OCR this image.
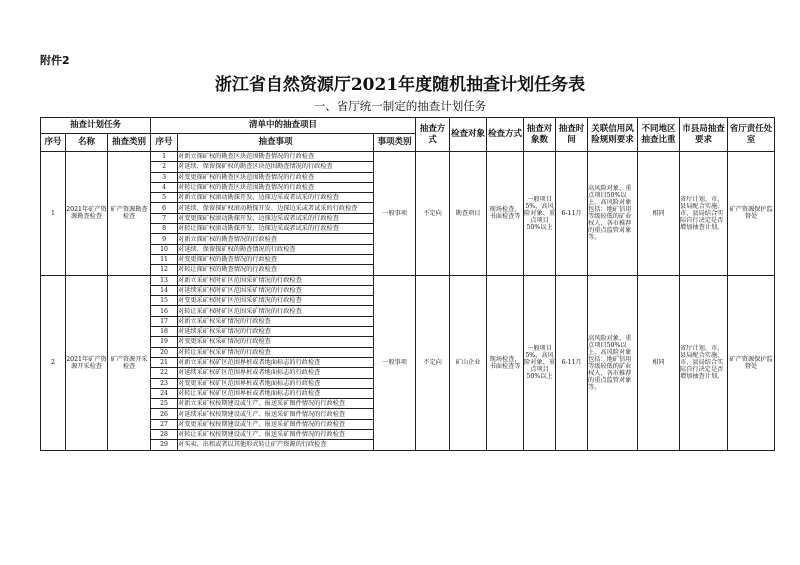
附件2
浙江省自然资源厅2021年度随机抽查计划任务表
一、省厅统一制定的抽查计划任务
抽查计划任务			清单中的抽查项目			抽查方式	检查对象	检查方式	抽查对象数	抽查时间	关联信用风险规则要求	不同地区抽查比重	市县局抽查要求	省厅责任处室
序号	名称	抽查类别	序号	抽查事项	事项类别									
1	2021年矿产资源勘查检查	矿产资源勘查检查	1	对新立探矿权的勘查区块范围勘查情况的行政检查	一般事项	不定向	勘查项目	现场检查、书面检查等	一般项目5%，高风险对象、重点项目50%以上	6-11月	高风险对象、重点项目50%以上。高风险对象包括：地矿信用等级较低的矿业权人、各市推荐的重点监管对象等。	相同	省厅计划、市、县局配合实施，市、县局结合实际自行决定是否增加抽查计划。	矿产资源保护监督处
			2	对延续、保留探矿权的勘查区块范围勘查情况的行政检查										
			3	对变更探矿权的勘查区块范围勘查情况的行政检查										
			4	对转让探矿权的勘查区块范围勘查情况的行政检查										
			5	对新立探矿权滚动勘探开发、边探边采或者试采的行政检查										
			6	对延续、保留探矿权滚动勘探开发、边探边采或者试采的行政检查										
			7	对变更探矿权滚动勘探开发、边探边采或者试采的行政检查										
			8	对转让探矿权滚动勘探开发、边探边采或者试采的行政检查										
			9	对新立探矿权的勘查情况的行政检查										
			10	对延续、保留探矿权的勘查情况的行政检查										
			11	对变更探矿权的勘查情况的行政检查										
			12	对转让探矿权的勘查情况的行政检查										
2	2021年矿产资源开采检查	矿产资源开采检查	13	对新立采矿权时矿区范围采矿情况的行政检查	一般事项	不定向	矿山企业	现场检查、书面检查等	一般项目5%，高风险对象、重点项目50%以上	6-11月	高风险对象、重点项目50%以上。高风险对象包括：地矿信用等级较低的矿业权人、各市推荐的重点监管对象等。	相同	省厅计划、市、县局配合实施，市、县局结合实际自行决定是否增加抽查计划。	矿产资源保护监督处
			14	对延续采矿权时矿区范围采矿情况的行政检查										
			15	对变更采矿权时矿区范围采矿情况的行政检查										
			16	对转让采矿权时矿区范围采矿情况的行政检查										
			17	对新立采矿权采矿情况的行政检查										
			18	对延续采矿权采矿情况的行政检查										
			19	对变更采矿权采矿情况的行政检查										
			20	对转让采矿权采矿情况的行政检查										
			21	对新立采矿权矿区范围界桩或者地面标志的行政检查										
			22	对延续采矿权矿区范围界桩或者地面标志的行政检查										
			23	对变更采矿权矿区范围界桩或者地面标志的行政检查										
			24	对转让采矿权矿区范围界桩或者地面标志的行政检查										
			25	对新立采矿权按期建设或生产、报送采矿图件情况的行政检查										
			26	对延续采矿权按期建设或生产、报送采矿图件情况的行政检查										
			27	对变更采矿权按期建设或生产、报送采矿图件情况的行政检查										
			28	对转让采矿权按期建设或生产、报送采矿图件情况的行政检查										
			29	对买卖、出租或者以其他形式转让矿产资源的行政检查										
